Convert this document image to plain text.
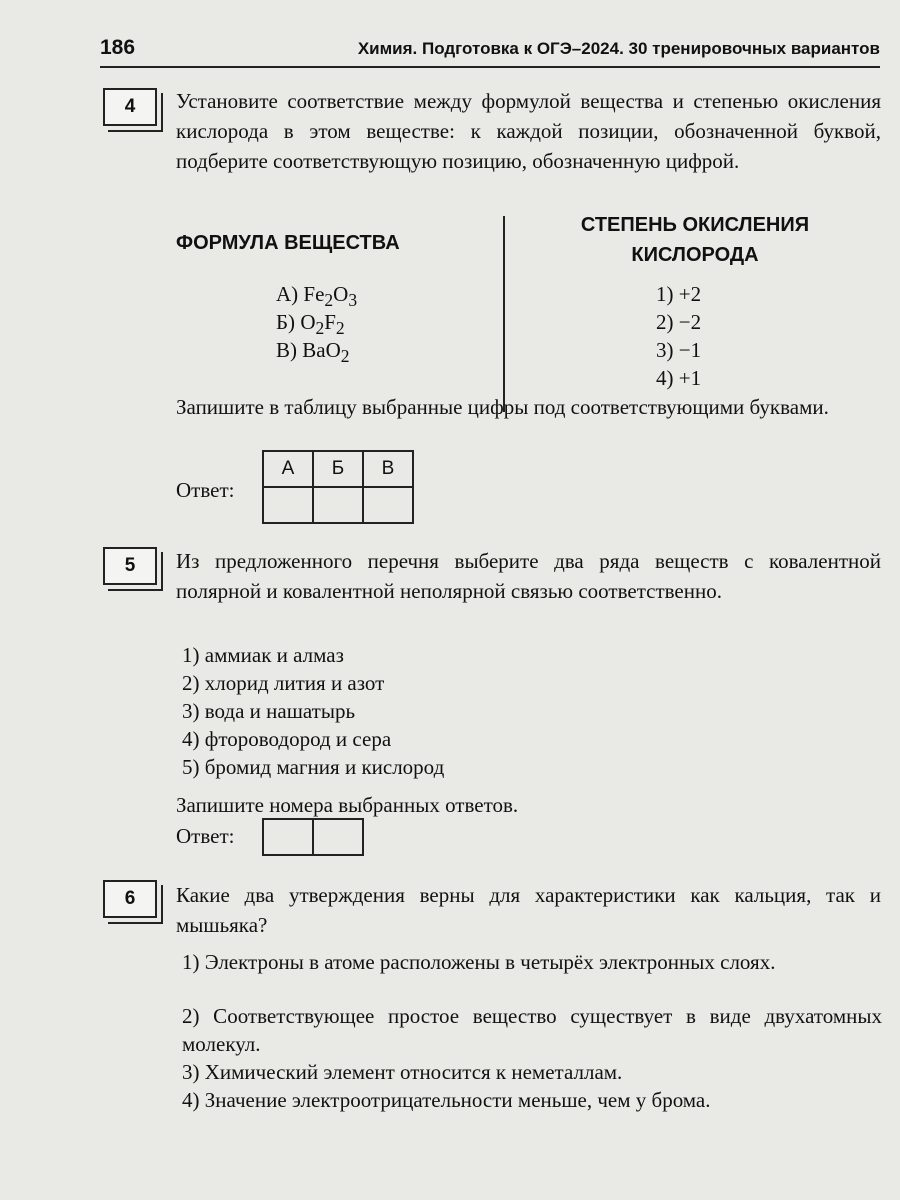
186	Химия. Подготовка к ОГЭ–2024. 30 тренировочных вариантов
4	Установите соответствие между формулой вещества и степенью окисления кислорода в этом веществе: к каждой позиции, обозначенной буквой, подберите соответствующую позицию, обозначенную цифрой.
ФОРМУЛА ВЕЩЕСТВА
СТЕПЕНЬ ОКИСЛЕНИЯ
КИСЛОРОДА
А) $Fe_2O_3$
Б) $O_2F_2$
В) BaO$_2$
1) +2
2) −2
3) −1
4) +1
Запишите в таблицу выбранные цифры под соответствующими буквами.
Ответ:
А	Б	В

5	Из предложенного перечня выберите два ряда веществ с ковалентной полярной и ковалентной неполярной связью соответственно.
1) аммиак и алмаз
2) хлорид лития и азот
3) вода и нашатырь
4) фтороводород и сера
5) бромид магния и кислород
Запишите номера выбранных ответов.
Ответ:

6	Какие два утверждения верны для характеристики как кальция, так и мышьяка?
1) Электроны в атоме расположены в четырёх электронных слоях.
2) Соответствующее простое вещество существует в виде двухатомных молекул.
3) Химический элемент относится к неметаллам.
4) Значение электроотрицательности меньше, чем у брома.
